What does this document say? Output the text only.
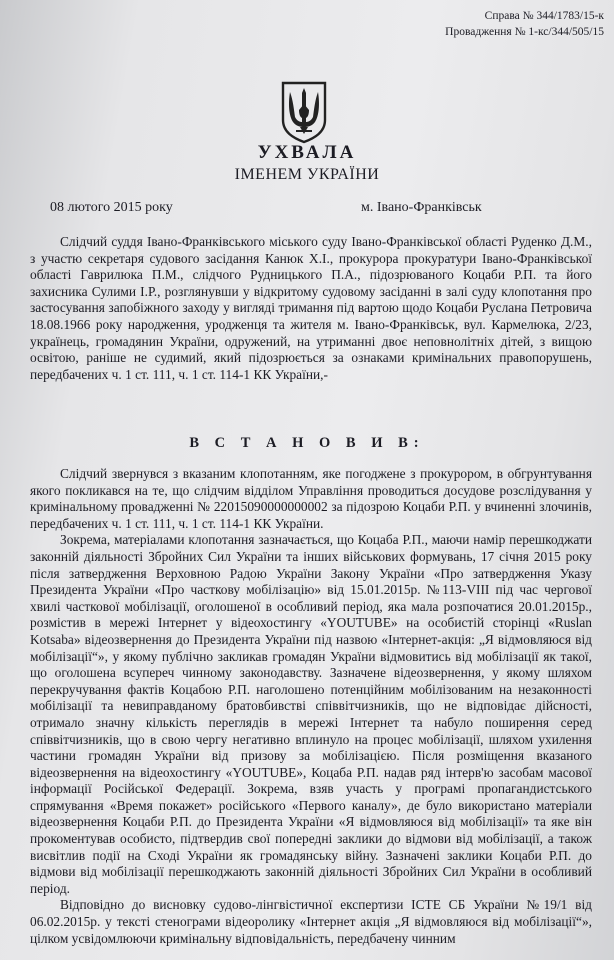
Справа № 344/1783/15-к
Провадження № 1-кс/344/505/15
УХВАЛА
ІМЕНЕМ УКРАЇНИ
08 лютого 2015 року	м. Івано-Франківськ

Слідчий суддя Івано-Франківського міського суду Івано-Франківської області Руденко Д.М., з участю секретаря судового засідання Канюк Х.І., прокурора прокуратури Івано-Франківської області Гаврилюка П.М., слідчого Рудницького П.А., підозрюваного Коцаби Р.П. та його захисника Сулими І.Р., розглянувши у відкритому судовому засіданні в залі суду клопотання про застосування запобіжного заходу у вигляді тримання під вартою щодо Коцаби Руслана Петровича 18.08.1966 року народження, уродженця та жителя м. Івано-Франківськ, вул. Кармелюка, 2/23, українець, громадянин України, одружений, на утриманні двоє неповнолітніх дітей, з вищою освітою, раніше не судимий, який підозрюється за ознаками кримінальних правопорушень, передбачених ч. 1 ст. 111, ч. 1 ст. 114-1 КК України,-

В С Т А Н О В И В:

Слідчий звернувся з вказаним клопотанням, яке погоджене з прокурором, в обгрунтування якого покликався на те, що слідчим відділом Управління проводиться досудове розслідування у кримінальному провадженні № 22015090000000002 за підозрою Коцаби Р.П. у вчиненні злочинів, передбачених ч. 1 ст. 111, ч. 1 ст. 114-1 КК України.

Зокрема, матеріалами клопотання зазначається, що Коцаба Р.П., маючи намір перешкоджати законній діяльності Збройних Сил України та інших військових формувань, 17 січня 2015 року після затвердження Верховною Радою України Закону України «Про затвердження Указу Президента України «Про часткову мобілізацію» від 15.01.2015р. №113-VIII під час чергової хвилі часткової мобілізації, оголошеної в особливий період, яка мала розпочатися 20.01.2015р., розмістив в мережі Інтернет у відеохостингу «YOUTUBE» на особистій сторінці «Ruslan Kotsaba» відеозвернення до Президента України під назвою «Інтернет-акція: „Я відмовляюся від мобілізації“», у якому публічно закликав громадян України відмовитись від мобілізації як такої, що оголошена всупереч чинному законодавству. Зазначене відеозвернення, у якому шляхом перекручування фактів Коцабою Р.П. наголошено потенційним мобілізованим на незаконності мобілізації та невиправданому братовбивстві співвітчизників, що не відповідає дійсності, отримало значну кількість переглядів в мережі Інтернет та набуло поширення серед співвітчизників, що в свою чергу негативно вплинуло на процес мобілізації, шляхом ухилення частини громадян України від призову за мобілізацією. Після розміщення вказаного відеозвернення на відеохостингу «YOUTUBE», Коцаба Р.П. надав ряд інтерв'ю засобам масової інформації Російської Федерації. Зокрема, взяв участь у програмі пропагандистського спрямування «Время покажет» російського «Первого каналу», де було використано матеріали відеозвернення Коцаби Р.П. до Президента України «Я відмовляюся від мобілізації» та яке він прокоментував особисто, підтвердив свої попередні заклики до відмови від мобілізації, а також висвітлив події на Сході України як громадянську війну. Зазначені заклики Коцаби Р.П. до відмови від мобілізації перешкоджають законній діяльності Збройних Сил України в особливий період.

Відповідно до висновку судово-лінгвістичної експертизи ІСТЕ СБ України №19/1 від 06.02.2015р. у тексті стенограми відеоролику «Інтернет акція „Я відмовляюся від мобілізації“», цілком усвідомлюючи кримінальну відповідальність, передбачену чинним
